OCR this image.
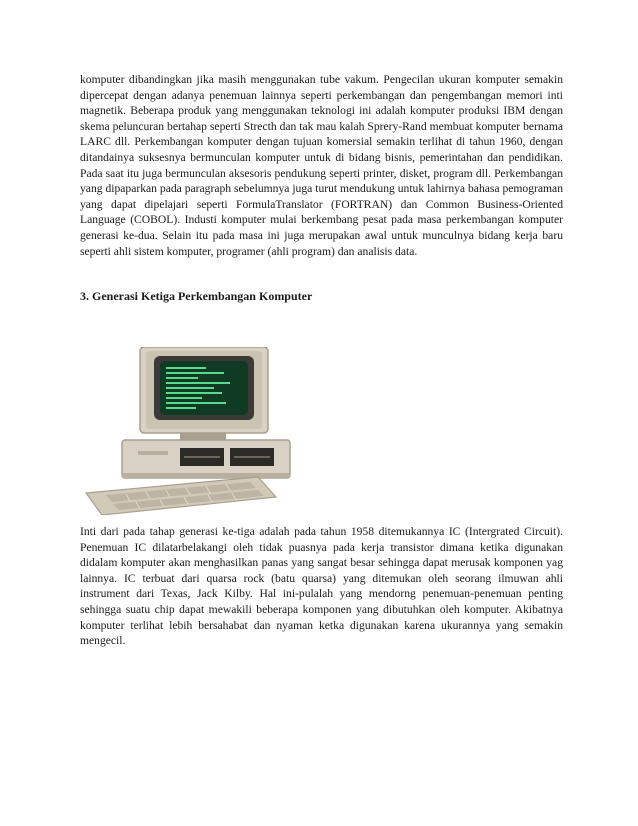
komputer dibandingkan jika masih menggunakan tube vakum. Pengecilan ukuran komputer semakin dipercepat dengan adanya penemuan lainnya seperti perkembangan dan pengembangan memori inti magnetik. Beberapa produk yang menggunakan teknologi ini adalah komputer produksi IBM dengan skema peluncuran bertahap seperti Strecth dan tak mau kalah Sprery-Rand membuat komputer bernama LARC dll. Perkembangan komputer dengan tujuan komersial semakin terlihat di tahun 1960, dengan ditandainya suksesnya bermunculan komputer untuk di bidang bisnis, pemerintahan dan pendidikan. Pada saat itu juga bermunculan aksesoris pendukung seperti printer, disket, program dll. Perkembangan yang dipaparkan pada paragraph sebelumnya juga turut mendukung untuk lahirnya bahasa pemograman yang dapat dipelajari seperti FormulaTranslator (FORTRAN) dan Common Business-Oriented Language (COBOL). Industi komputer mulai berkembang pesat pada masa perkembangan komputer generasi ke-dua. Selain itu pada masa ini juga merupakan awal untuk munculnya bidang kerja baru seperti ahli sistem komputer, programer (ahli program) dan analisis data.

3. Generasi Ketiga Perkembangan Komputer

Inti dari pada tahap generasi ke-tiga adalah pada tahun 1958 ditemukannya IC (Intergrated Circuit). Penemuan IC dilatarbelakangi oleh tidak puasnya pada kerja transistor dimana ketika digunakan didalam komputer akan menghasilkan panas yang sangat besar sehingga dapat merusak komponen yag lainnya. IC terbuat dari quarsa rock (batu quarsa) yang ditemukan oleh seorang ilmuwan ahli instrument dari Texas, Jack Kilby. Hal ini-pulalah yang mendorng penemuan-penemuan penting sehingga suatu chip dapat mewakili beberapa komponen yang dibutuhkan oleh komputer. Akibatnya komputer terlihat lebih bersahabat dan nyaman ketka digunakan karena ukurannya yang semakin mengecil.
